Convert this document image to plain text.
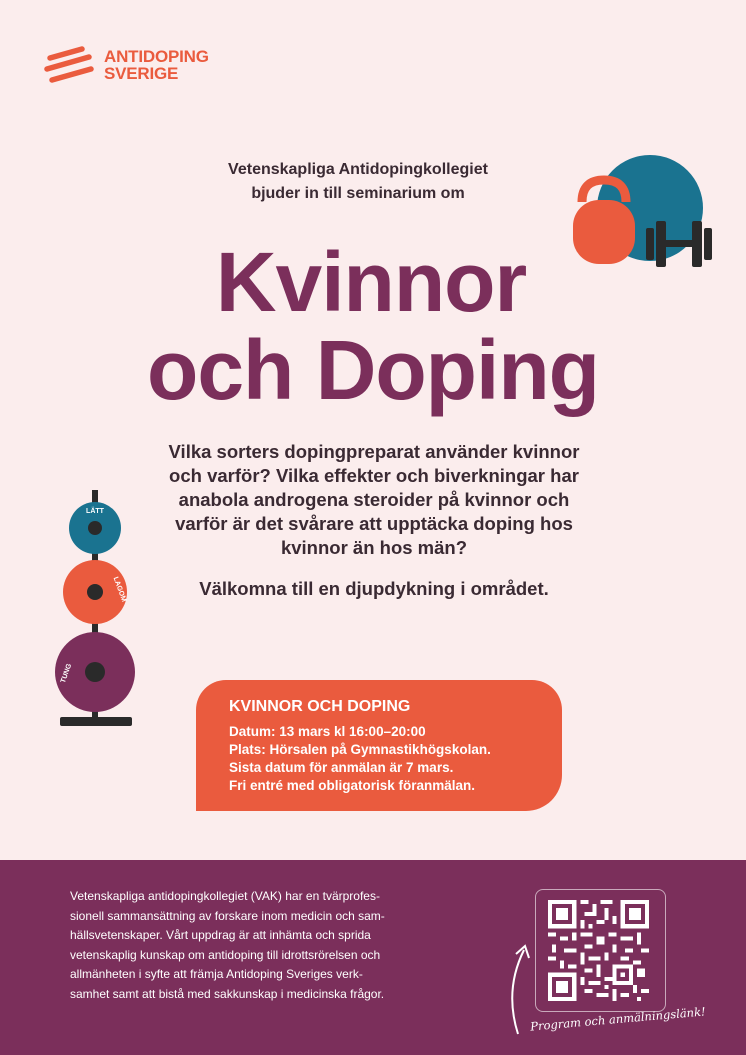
ANTIDOPING
SVERIGE
Vetenskapliga Antidopingkollegiet
bjuder in till seminarium om
Kvinnor
och Doping
Vilka sorters dopingpreparat använder kvinnor
och varför? Vilka effekter och biverkningar har
anabola androgena steroider på kvinnor och
varför är det svårare att upptäcka doping hos
kvinnor än hos män?
Välkomna till en djupdykning i området.
LÄTT
LAGOM
TUNG
KVINNOR OCH DOPING
Datum: 13 mars kl 16:00–20:00
Plats: Hörsalen på Gymnastikhögskolan.
Sista datum för anmälan är 7 mars.
Fri entré med obligatorisk föranmälan.
Vetenskapliga antidopingkollegiet (VAK) har en tvärprofes-
sionell sammansättning av forskare inom medicin och sam-
hällsvetenskaper. Vårt uppdrag är att inhämta och sprida
vetenskaplig kunskap om antidoping till idrottsrörelsen och
allmänheten i syfte att främja Antidoping Sveriges verk-
samhet samt att bistå med sakkunskap i medicinska frågor.
Program och anmälningslänk!
